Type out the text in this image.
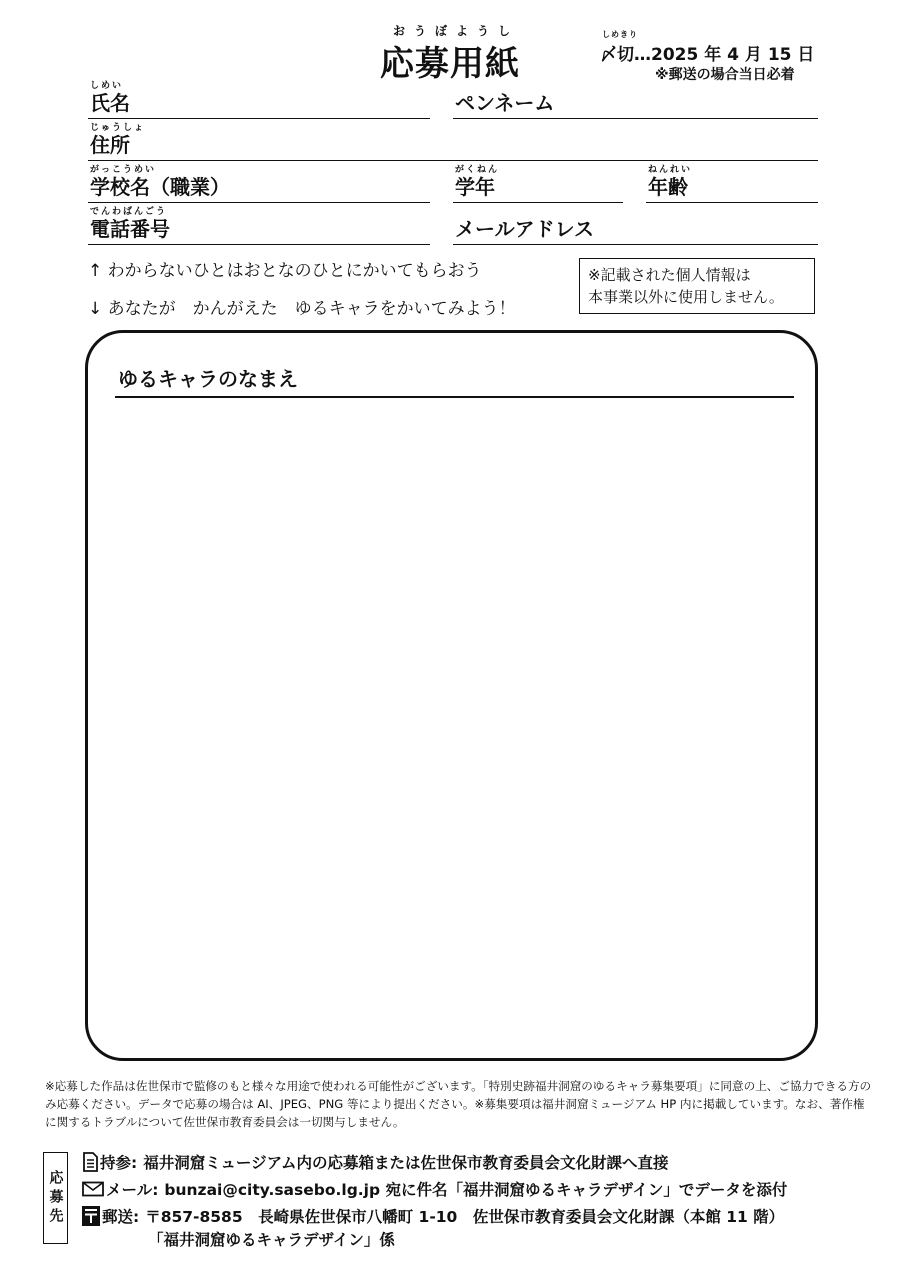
おうぼようし
応募用紙
しめきり
〆切…2025 年 4 月 15 日
※郵送の場合当日必着
しめい
氏名	ペンネーム
じゅうしょ
住所
がっこうめい
学校名（職業）
がくねん
学年
ねんれい
年齢
でんわばんごう
電話番号	メールアドレス
↑ わからないひとはおとなのひとにかいてもらおう
↓ あなたが　かんがえた　ゆるキャラをかいてみよう！
※記載された個人情報は
本事業以外に使用しません。
ゆるキャラのなまえ
※応募した作品は佐世保市で監修のもと様々な用途で使われる可能性がございます。「特別史跡福井洞窟のゆるキャラ募集要項」に同意の上、ご協力できる方のみ応募ください。データで応募の場合は AI、JPEG、PNG 等により提出ください。※募集要項は福井洞窟ミュージアム HP 内に掲載しています。なお、著作権に関するトラブルについて佐世保市教育委員会は一切関与しません。
応募先
持参: 福井洞窟ミュージアム内の応募箱または佐世保市教育委員会文化財課へ直接
メール: bunzai@city.sasebo.lg.jp 宛に件名「福井洞窟ゆるキャラデザイン」でデータを添付
郵送: 〒857-8585　長崎県佐世保市八幡町 1-10　佐世保市教育委員会文化財課（本館 11 階）
「福井洞窟ゆるキャラデザイン」係
